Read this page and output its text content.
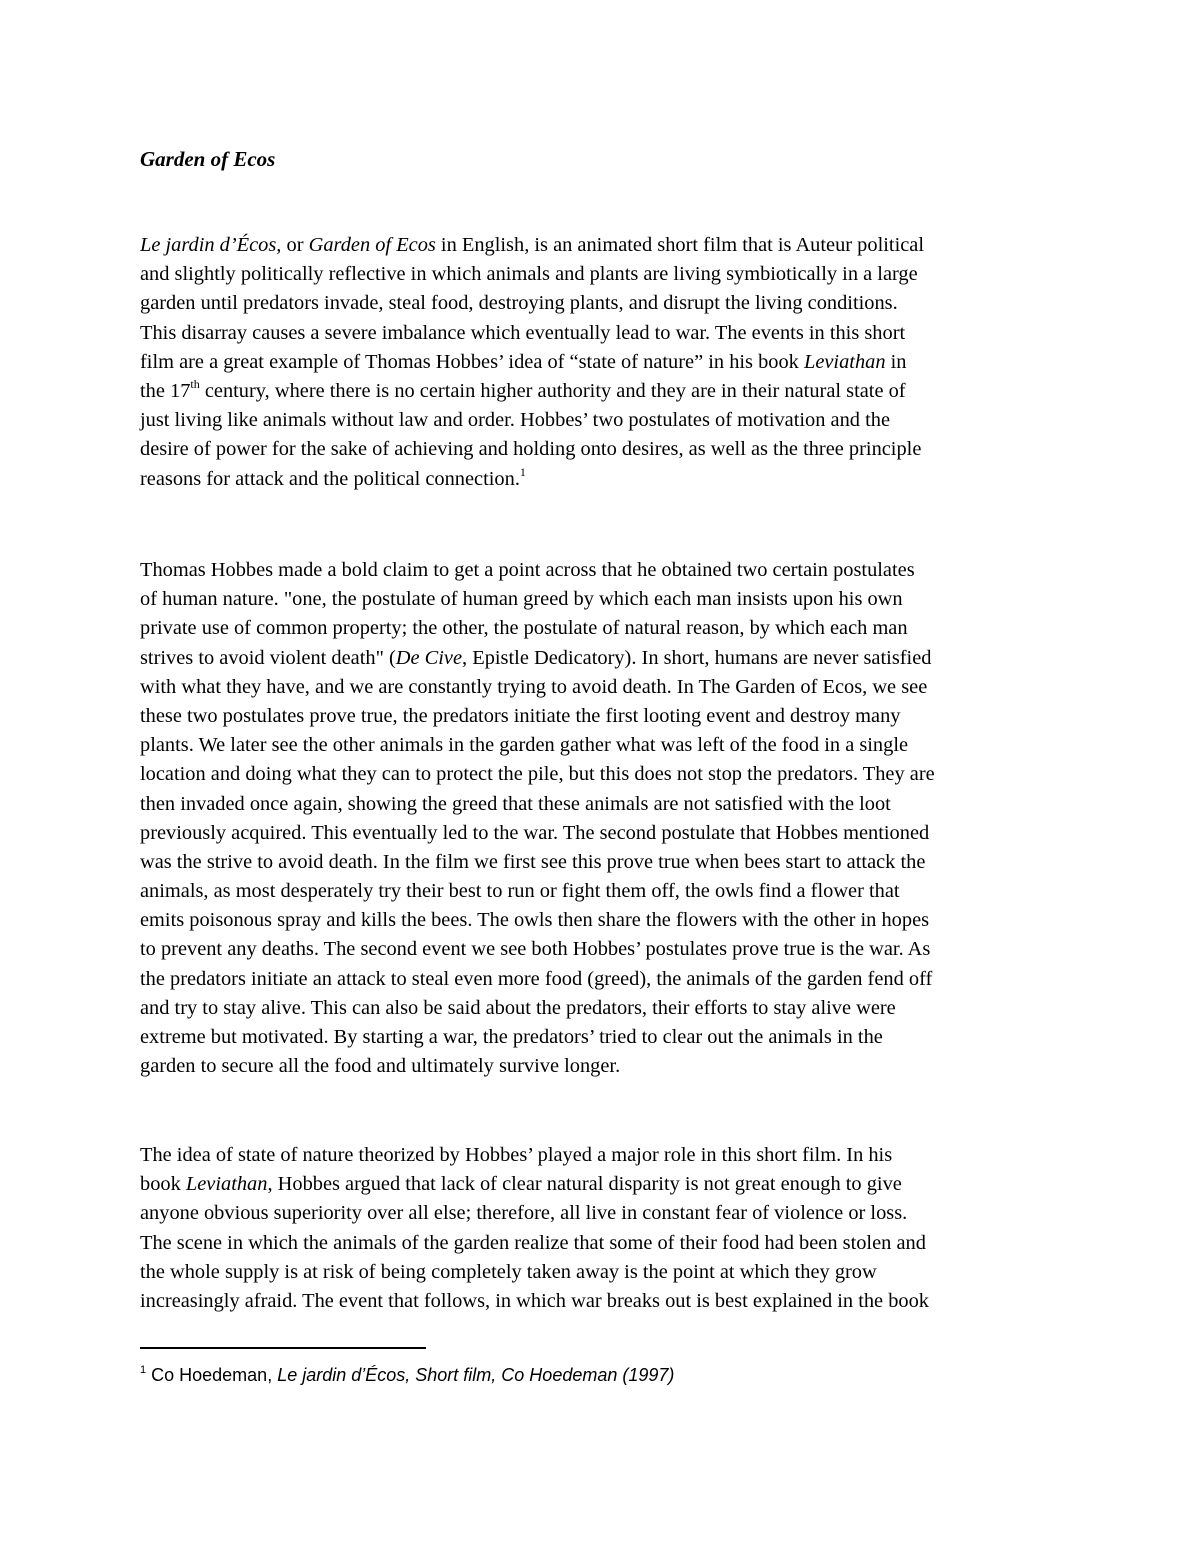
Garden of Ecos

Le jardin d’Écos, or Garden of Ecos in English, is an animated short film that is Auteur political
and slightly politically reflective in which animals and plants are living symbiotically in a large
garden until predators invade, steal food, destroying plants, and disrupt the living conditions.
This disarray causes a severe imbalance which eventually lead to war. The events in this short
film are a great example of Thomas Hobbes’ idea of “state of nature” in his book Leviathan in
the 17th century, where there is no certain higher authority and they are in their natural state of
just living like animals without law and order. Hobbes’ two postulates of motivation and the
desire of power for the sake of achieving and holding onto desires, as well as the three principle
reasons for attack and the political connection.$^1$

Thomas Hobbes made a bold claim to get a point across that he obtained two certain postulates
of human nature. "one, the postulate of human greed by which each man insists upon his own
private use of common property; the other, the postulate of natural reason, by which each man
strives to avoid violent death" (De Cive, Epistle Dedicatory). In short, humans are never satisfied
with what they have, and we are constantly trying to avoid death. In The Garden of Ecos, we see
these two postulates prove true, the predators initiate the first looting event and destroy many
plants. We later see the other animals in the garden gather what was left of the food in a single
location and doing what they can to protect the pile, but this does not stop the predators. They are
then invaded once again, showing the greed that these animals are not satisfied with the loot
previously acquired. This eventually led to the war. The second postulate that Hobbes mentioned
was the strive to avoid death. In the film we first see this prove true when bees start to attack the
animals, as most desperately try their best to run or fight them off, the owls find a flower that
emits poisonous spray and kills the bees. The owls then share the flowers with the other in hopes
to prevent any deaths. The second event we see both Hobbes’ postulates prove true is the war. As
the predators initiate an attack to steal even more food (greed), the animals of the garden fend off
and try to stay alive. This can also be said about the predators, their efforts to stay alive were
extreme but motivated. By starting a war, the predators’ tried to clear out the animals in the
garden to secure all the food and ultimately survive longer.

The idea of state of nature theorized by Hobbes’ played a major role in this short film. In his
book Leviathan, Hobbes argued that lack of clear natural disparity is not great enough to give
anyone obvious superiority over all else; therefore, all live in constant fear of violence or loss.
The scene in which the animals of the garden realize that some of their food had been stolen and
the whole supply is at risk of being completely taken away is the point at which they grow
increasingly afraid. The event that follows, in which war breaks out is best explained in the book

$^1$ Co Hoedeman, Le jardin d’Écos, Short film, Co Hoedeman (1997)
